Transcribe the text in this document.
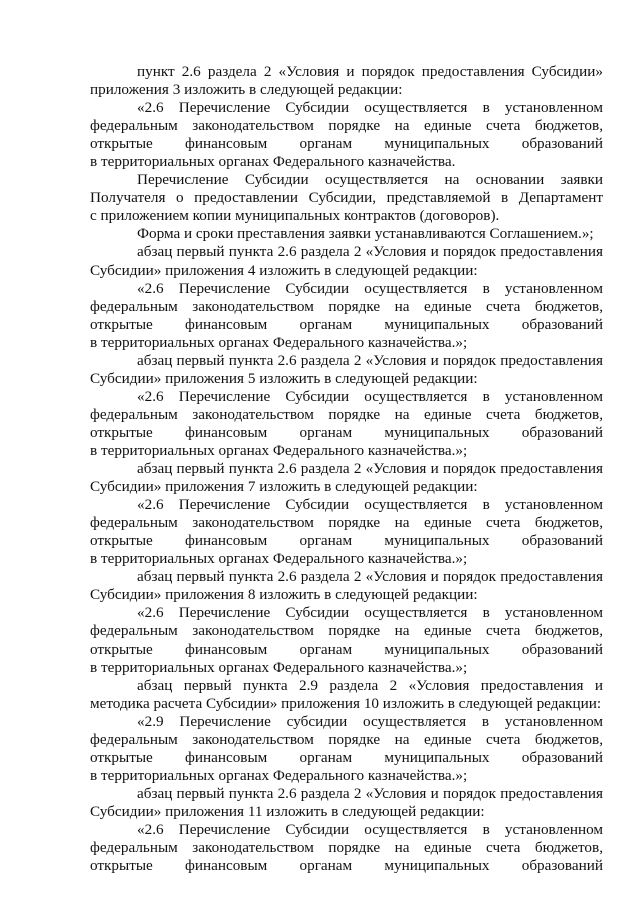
пункт 2.6 раздела 2 «Условия и порядок предоставления Субсидии»
приложения 3 изложить в следующей редакции:
«2.6 Перечисление Субсидии осуществляется в установленном
федеральным законодательством порядке на единые счета бюджетов,
открытые финансовым органам муниципальных образований
в территориальных органах Федерального казначейства.
Перечисление Субсидии осуществляется на основании заявки
Получателя о предоставлении Субсидии, представляемой в Департамент
с приложением копии муниципальных контрактов (договоров).
Форма и сроки преставления заявки устанавливаются Соглашением.»;
абзац первый пункта 2.6 раздела 2 «Условия и порядок предоставления
Субсидии» приложения 4 изложить в следующей редакции:
«2.6 Перечисление Субсидии осуществляется в установленном
федеральным законодательством порядке на единые счета бюджетов,
открытые финансовым органам муниципальных образований
в территориальных органах Федерального казначейства.»;
абзац первый пункта 2.6 раздела 2 «Условия и порядок предоставления
Субсидии» приложения 5 изложить в следующей редакции:
«2.6 Перечисление Субсидии осуществляется в установленном
федеральным законодательством порядке на единые счета бюджетов,
открытые финансовым органам муниципальных образований
в территориальных органах Федерального казначейства.»;
абзац первый пункта 2.6 раздела 2 «Условия и порядок предоставления
Субсидии» приложения 7 изложить в следующей редакции:
«2.6 Перечисление Субсидии осуществляется в установленном
федеральным законодательством порядке на единые счета бюджетов,
открытые финансовым органам муниципальных образований
в территориальных органах Федерального казначейства.»;
абзац первый пункта 2.6 раздела 2 «Условия и порядок предоставления
Субсидии» приложения 8 изложить в следующей редакции:
«2.6 Перечисление Субсидии осуществляется в установленном
федеральным законодательством порядке на единые счета бюджетов,
открытые финансовым органам муниципальных образований
в территориальных органах Федерального казначейства.»;
абзац первый пункта 2.9 раздела 2 «Условия предоставления и
методика расчета Субсидии» приложения 10 изложить в следующей редакции:
«2.9 Перечисление субсидии осуществляется в установленном
федеральным законодательством порядке на единые счета бюджетов,
открытые финансовым органам муниципальных образований
в территориальных органах Федерального казначейства.»;
абзац первый пункта 2.6 раздела 2 «Условия и порядок предоставления
Субсидии» приложения 11 изложить в следующей редакции:
«2.6 Перечисление Субсидии осуществляется в установленном
федеральным законодательством порядке на единые счета бюджетов,
открытые финансовым органам муниципальных образований
